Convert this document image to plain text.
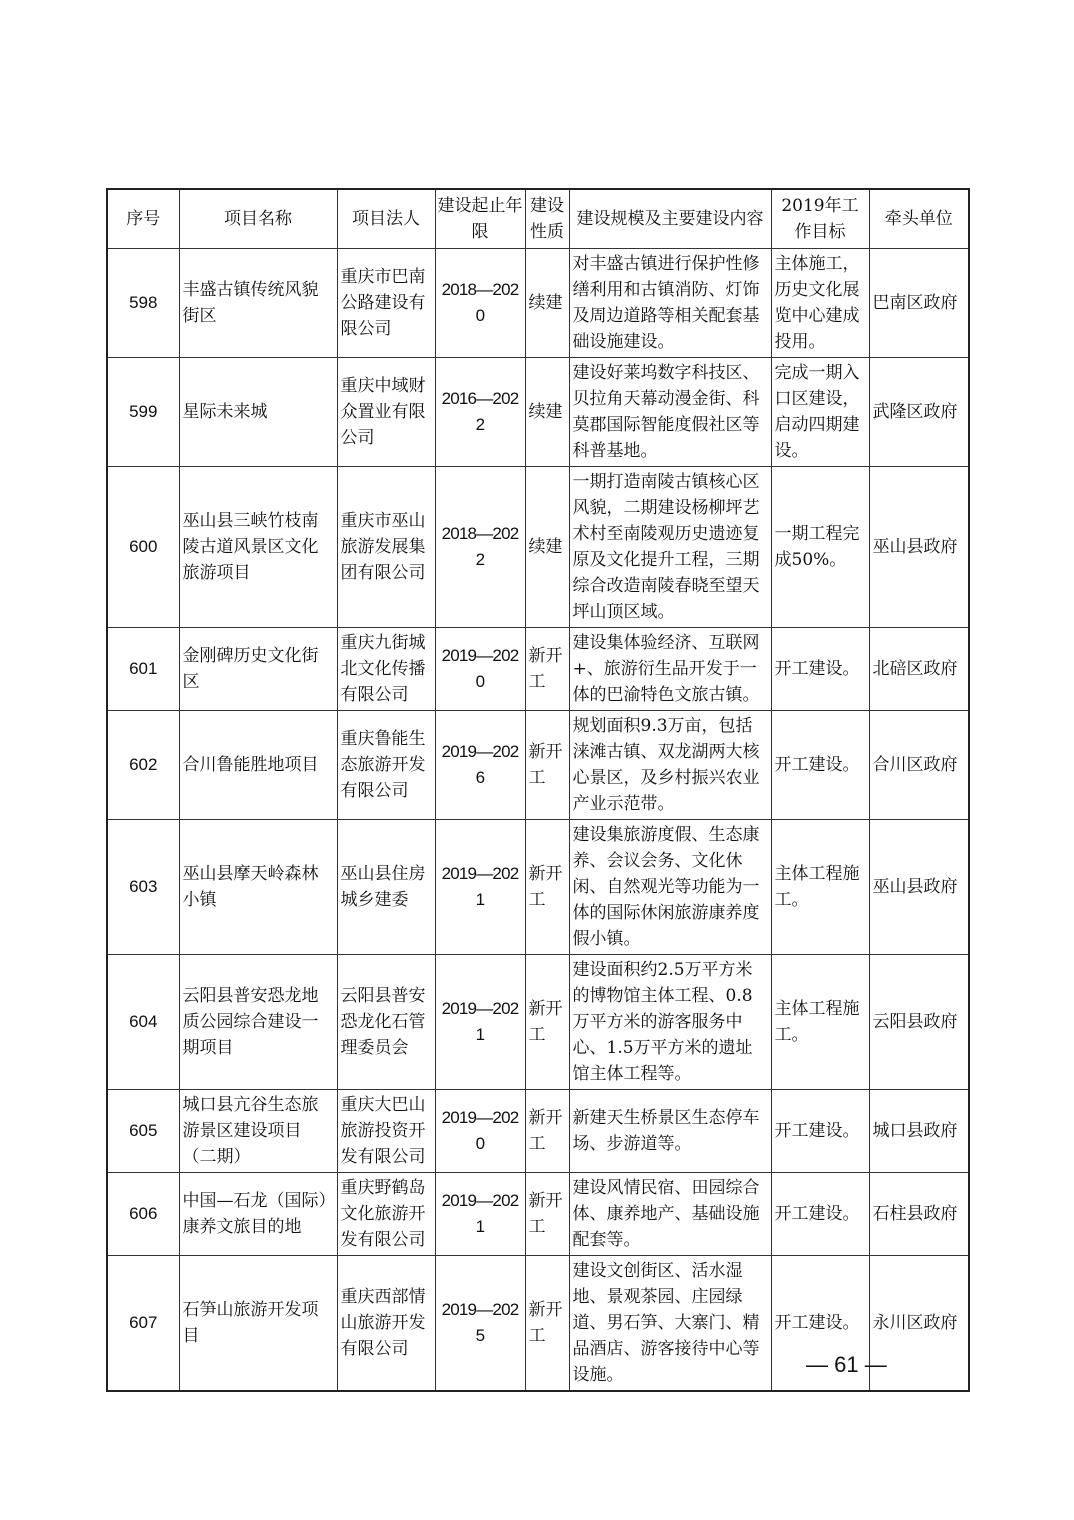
序号	项目名称	项目法人	建设起止年限	建设性质	建设规模及主要建设内容	2019年工作目标	牵头单位
598	丰盛古镇传统风貌街区	重庆市巴南公路建设有限公司	2018—2020	续建	对丰盛古镇进行保护性修缮利用和古镇消防、灯饰及周边道路等相关配套基础设施建设。	主体施工，历史文化展览中心建成投用。	巴南区政府
599	星际未来城	重庆中域财众置业有限公司	2016—2022	续建	建设好莱坞数字科技区、贝拉角天幕动漫金街、科莫郡国际智能度假社区等科普基地。	完成一期入口区建设，启动四期建设。	武隆区政府
600	巫山县三峡竹枝南陵古道风景区文化旅游项目	重庆市巫山旅游发展集团有限公司	2018—2022	续建	一期打造南陵古镇核心区风貌，二期建设杨柳坪艺术村至南陵观历史遗迹复原及文化提升工程，三期综合改造南陵春晓至望天坪山顶区域。	一期工程完成50%。	巫山县政府
601	金刚碑历史文化街区	重庆九街城北文化传播有限公司	2019—2020	新开工	建设集体验经济、互联网+、旅游衍生品开发于一体的巴渝特色文旅古镇。	开工建设。	北碚区政府
602	合川鲁能胜地项目	重庆鲁能生态旅游开发有限公司	2019—2026	新开工	规划面积9.3万亩，包括涞滩古镇、双龙湖两大核心景区，及乡村振兴农业产业示范带。	开工建设。	合川区政府
603	巫山县摩天岭森林小镇	巫山县住房城乡建委	2019—2021	新开工	建设集旅游度假、生态康养、会议会务、文化休闲、自然观光等功能为一体的国际休闲旅游康养度假小镇。	主体工程施工。	巫山县政府
604	云阳县普安恐龙地质公园综合建设一期项目	云阳县普安恐龙化石管理委员会	2019—2021	新开工	建设面积约2.5万平方米的博物馆主体工程、0.8万平方米的游客服务中心、1.5万平方米的遗址馆主体工程等。	主体工程施工。	云阳县政府
605	城口县亢谷生态旅游景区建设项目（二期）	重庆大巴山旅游投资开发有限公司	2019—2020	新开工	新建天生桥景区生态停车场、步游道等。	开工建设。	城口县政府
606	中国—石龙（国际）康养文旅目的地	重庆野鹤岛文化旅游开发有限公司	2019—2021	新开工	建设风情民宿、田园综合体、康养地产、基础设施配套等。	开工建设。	石柱县政府
607	石笋山旅游开发项目	重庆西部情山旅游开发有限公司	2019—2025	新开工	建设文创街区、活水湿地、景观茶园、庄园绿道、男石笋、大寨门、精品酒店、游客接待中心等设施。	开工建设。	永川区政府
— 61 —
